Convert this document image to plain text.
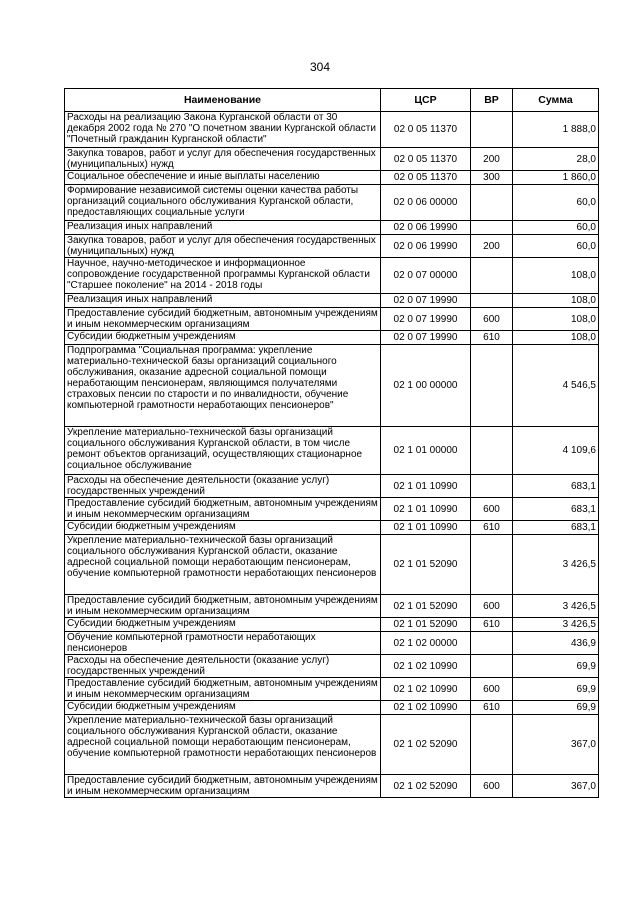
304
Наименование	ЦСР	ВР	Сумма
Расходы на реализацию Закона Курганской области от 30 декабря 2002 года № 270 "О почетном звании Курганской области "Почетный гражданин Курганской области"	02 0 05 11370		1 888,0
Закупка товаров, работ и услуг для обеспечения государственных (муниципальных) нужд	02 0 05 11370	200	28,0
Социальное обеспечение и иные выплаты населению	02 0 05 11370	300	1 860,0
Формирование независимой системы оценки качества работы организаций социального обслуживания Курганской области, предоставляющих социальные услуги	02 0 06 00000		60,0
Реализация иных направлений	02 0 06 19990		60,0
Закупка товаров, работ и услуг для обеспечения государственных (муниципальных) нужд	02 0 06 19990	200	60,0
Научное, научно-методическое и информационное сопровождение государственной программы Курганской области "Старшее поколение" на 2014 - 2018 годы	02 0 07 00000		108,0
Реализация иных направлений	02 0 07 19990		108,0
Предоставление субсидий бюджетным, автономным учреждениям и иным некоммерческим организациям	02 0 07 19990	600	108,0
Субсидии бюджетным учреждениям	02 0 07 19990	610	108,0
Подпрограмма "Социальная программа: укрепление материально-технической базы организаций социального обслуживания, оказание адресной социальной помощи неработающим пенсионерам, являющимся получателями страховых пенсии по старости и по инвалидности, обучение компьютерной грамотности неработающих пенсионеров"	02 1 00 00000		4 546,5
Укрепление материально-технической базы организаций социального обслуживания Курганской области, в том числе ремонт объектов организаций, осуществляющих стационарное социальное обслуживание	02 1 01 00000		4 109,6
Расходы на обеспечение деятельности (оказание услуг) государственных учреждений	02 1 01 10990		683,1
Предоставление субсидий бюджетным, автономным учреждениям и иным некоммерческим организациям	02 1 01 10990	600	683,1
Субсидии бюджетным учреждениям	02 1 01 10990	610	683,1
Укрепление материально-технической базы организаций социального обслуживания Курганской области, оказание адресной социальной помощи неработающим пенсионерам, обучение компьютерной грамотности неработающих пенсионеров	02 1 01 52090		3 426,5
Предоставление субсидий бюджетным, автономным учреждениям и иным некоммерческим организациям	02 1 01 52090	600	3 426,5
Субсидии бюджетным учреждениям	02 1 01 52090	610	3 426,5
Обучение компьютерной грамотности неработающих пенсионеров	02 1 02 00000		436,9
Расходы на обеспечение деятельности (оказание услуг) государственных учреждений	02 1 02 10990		69,9
Предоставление субсидий бюджетным, автономным учреждениям и иным некоммерческим организациям	02 1 02 10990	600	69,9
Субсидии бюджетным учреждениям	02 1 02 10990	610	69,9
Укрепление материально-технической базы организаций социального обслуживания Курганской области, оказание адресной социальной помощи неработающим пенсионерам, обучение компьютерной грамотности неработающих пенсионеров	02 1 02 52090		367,0
Предоставление субсидий бюджетным, автономным учреждениям и иным некоммерческим организациям	02 1 02 52090	600	367,0
